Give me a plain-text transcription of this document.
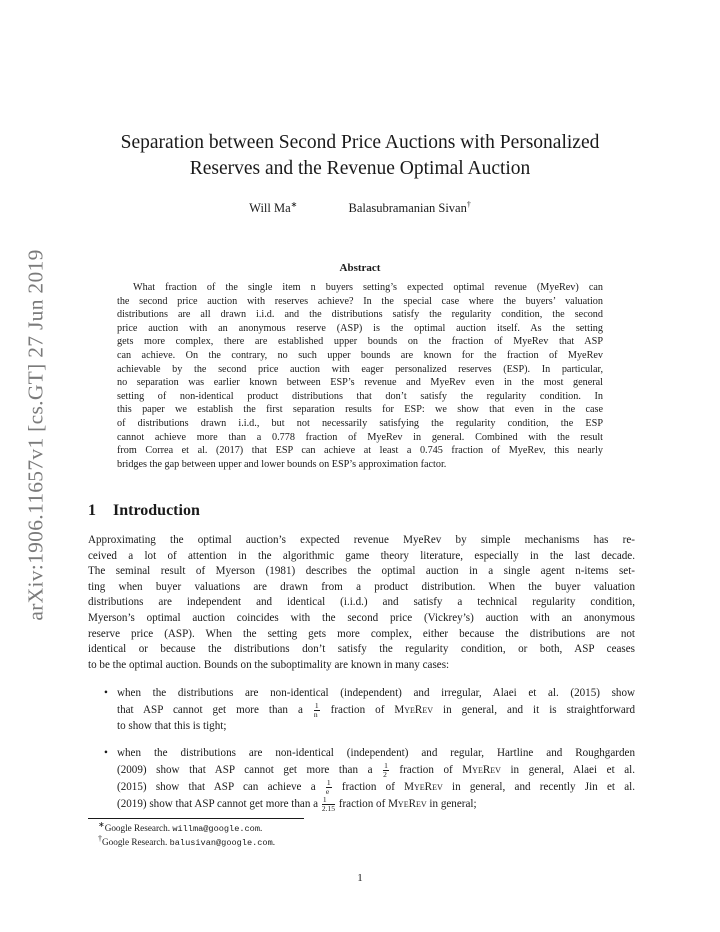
arXiv:1906.11657v1 [cs.GT] 27 Jun 2019
Separation between Second Price Auctions with Personalized
Reserves and the Revenue Optimal Auction
Will Ma∗	Balasubramanian Sivan†
Abstract
What fraction of the single item n buyers setting’s expected optimal revenue (MyeRev) can
the second price auction with reserves achieve? In the special case where the buyers’ valuation
distributions are all drawn i.i.d. and the distributions satisfy the regularity condition, the second
price auction with an anonymous reserve (ASP) is the optimal auction itself. As the setting
gets more complex, there are established upper bounds on the fraction of MyeRev that ASP
can achieve. On the contrary, no such upper bounds are known for the fraction of MyeRev
achievable by the second price auction with eager personalized reserves (ESP). In particular,
no separation was earlier known between ESP’s revenue and MyeRev even in the most general
setting of non-identical product distributions that don’t satisfy the regularity condition. In
this paper we establish the first separation results for ESP: we show that even in the case
of distributions drawn i.i.d., but not necessarily satisfying the regularity condition, the ESP
cannot achieve more than a 0.778 fraction of MyeRev in general. Combined with the result
from Correa et al. (2017) that ESP can achieve at least a 0.745 fraction of MyeRev, this nearly
bridges the gap between upper and lower bounds on ESP’s approximation factor.
1 Introduction
Approximating the optimal auction’s expected revenue MyeRev by simple mechanisms has re-
ceived a lot of attention in the algorithmic game theory literature, especially in the last decade.
The seminal result of Myerson (1981) describes the optimal auction in a single agent n-items set-
ting when buyer valuations are drawn from a product distribution. When the buyer valuation
distributions are independent and identical (i.i.d.) and satisfy a technical regularity condition,
Myerson’s optimal auction coincides with the second price (Vickrey’s) auction with an anonymous
reserve price (ASP). When the setting gets more complex, either because the distributions are not
identical or because the distributions don’t satisfy the regularity condition, or both, ASP ceases
to be the optimal auction. Bounds on the suboptimality are known in many cases:
• when the distributions are non-identical (independent) and irregular, Alaei et al. (2015) show
that ASP cannot get more than a $\frac{1}{n}$ fraction of MyeRev in general, and it is straightforward
to show that this is tight;
• when the distributions are non-identical (independent) and regular, Hartline and Roughgarden
(2009) show that ASP cannot get more than a $\frac{1}{2}$ fraction of MyeRev in general, Alaei et al.
(2015) show that ASP can achieve a $\frac{1}{e}$ fraction of MyeRev in general, and recently Jin et al.
(2019) show that ASP cannot get more than a $\frac{1}{2.15}$ fraction of MyeRev in general;
∗Google Research. willma@google.com.
†Google Research. balusivan@google.com.
1
